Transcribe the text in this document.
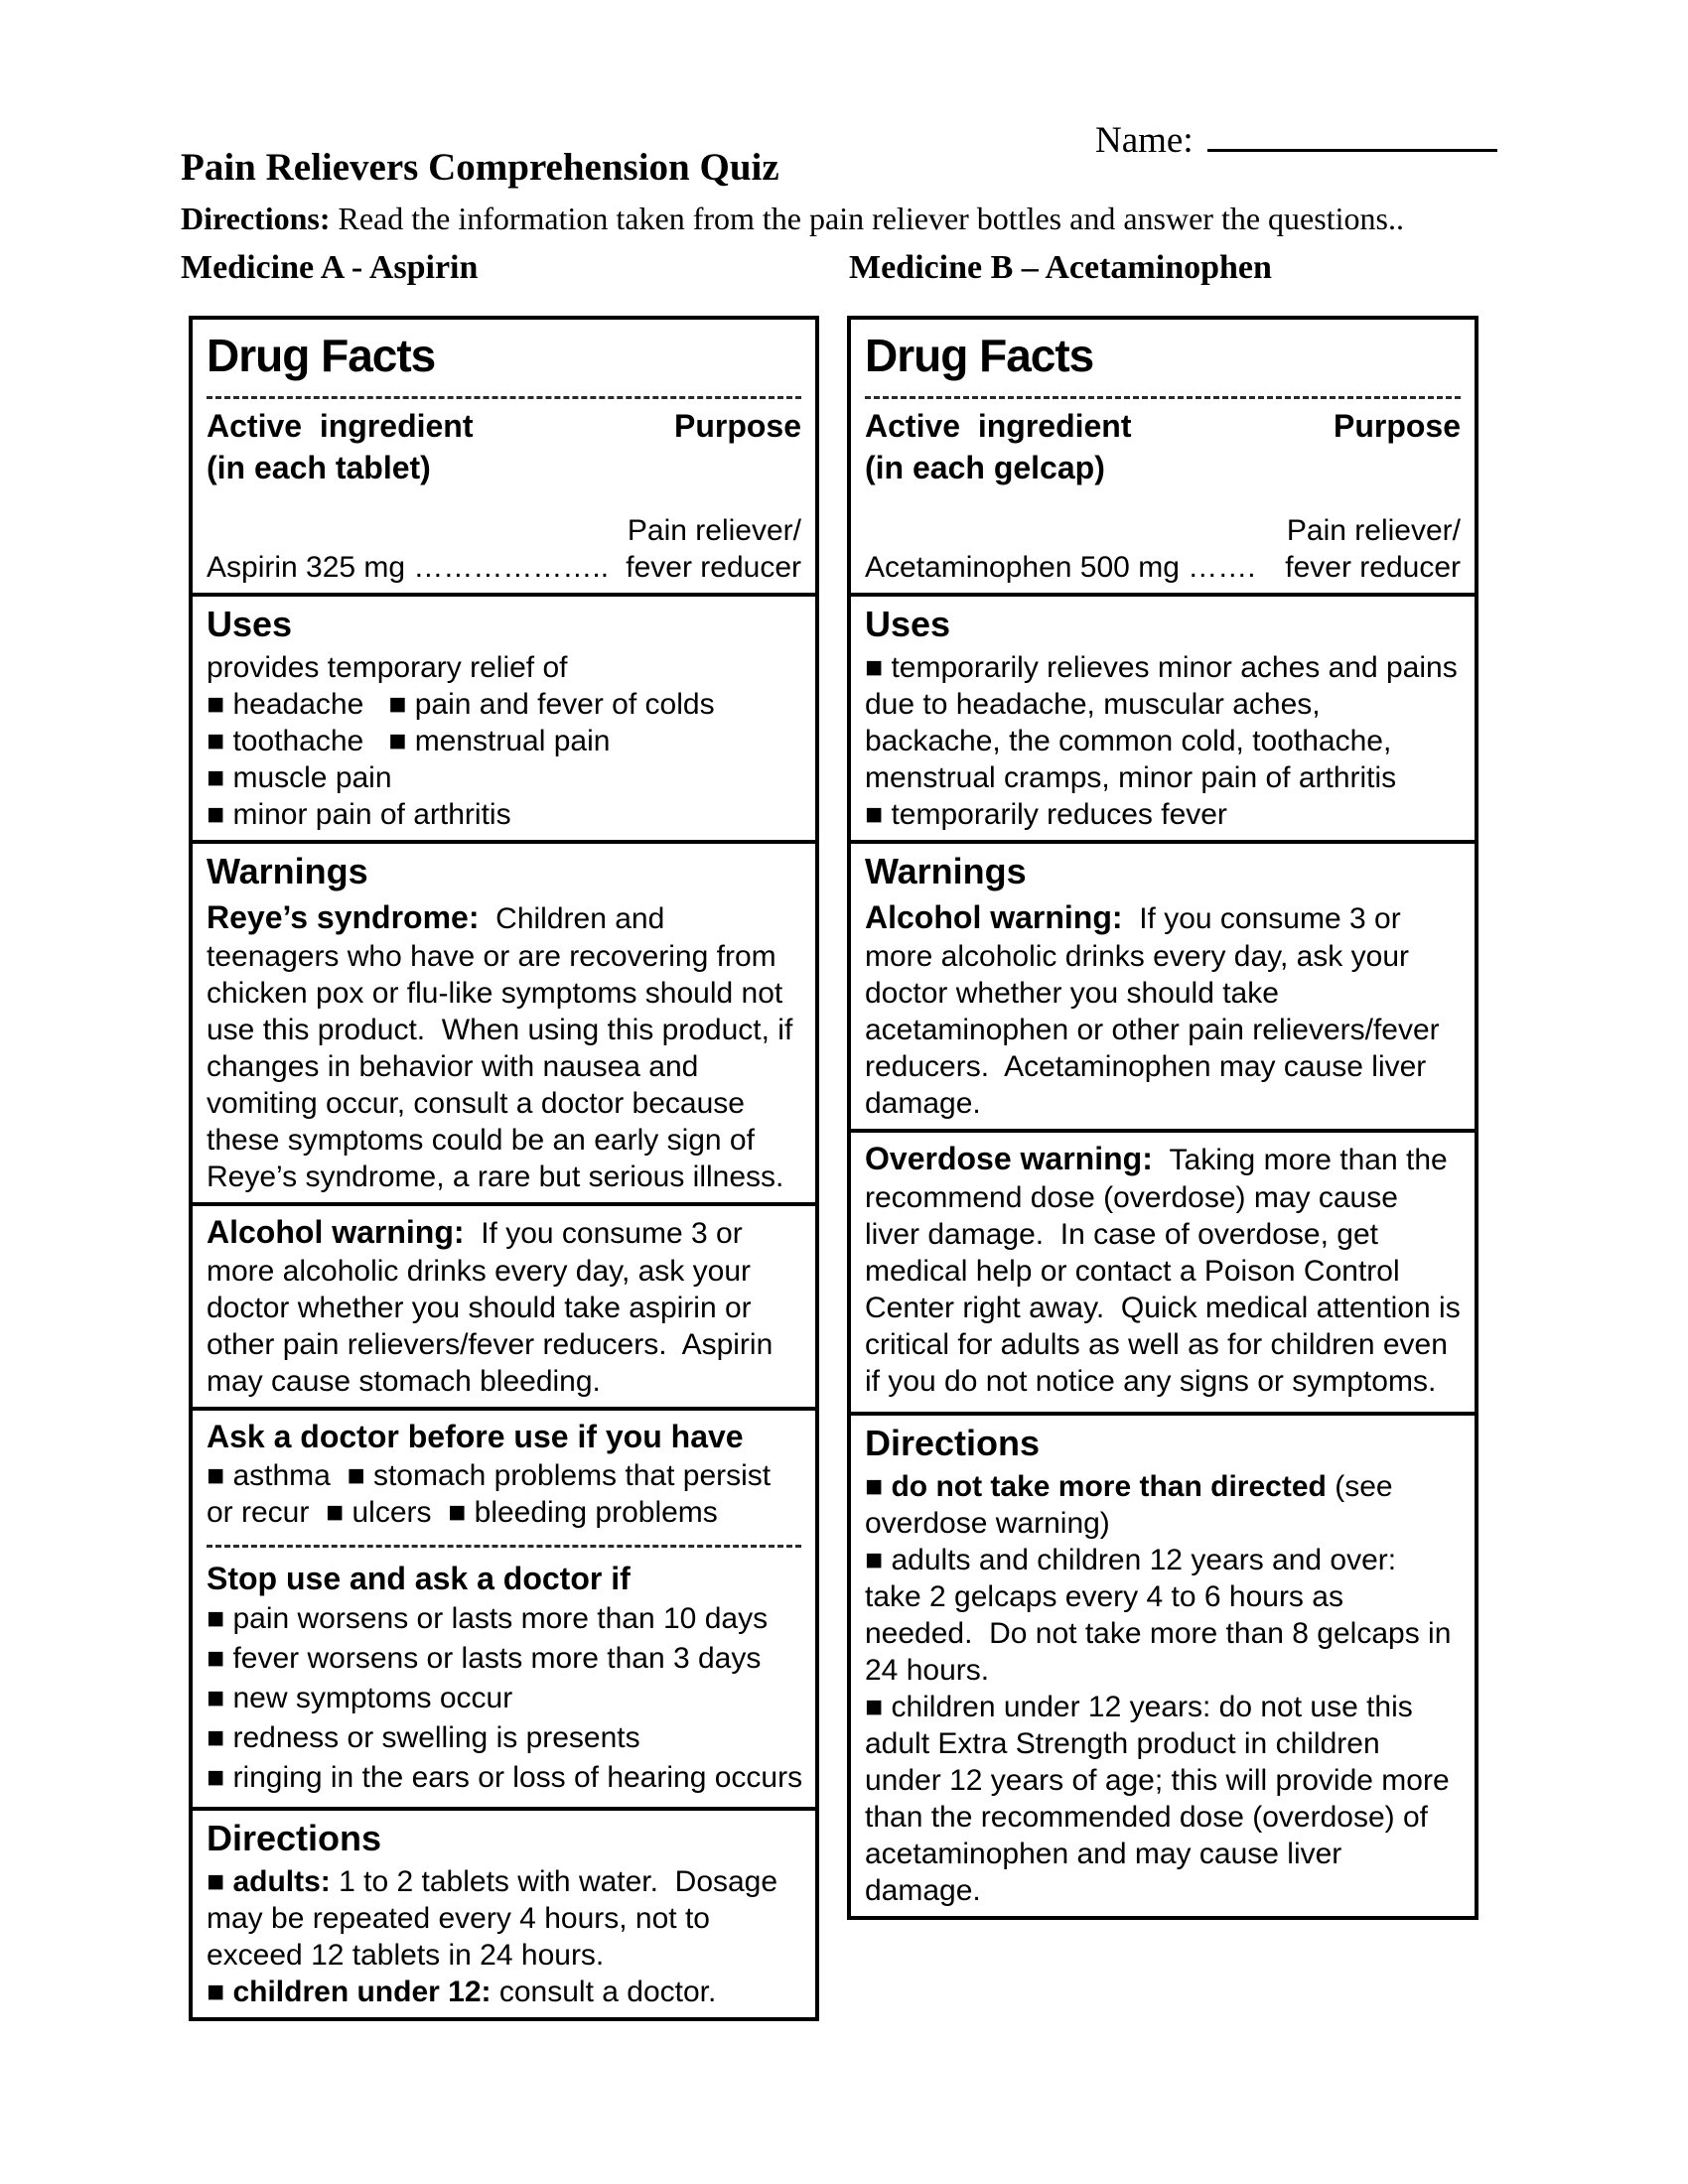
Name:
Pain Relievers Comprehension Quiz
Directions: Read the information taken from the pain reliever bottles and answer the questions..
Medicine A - Aspirin	Medicine B – Acetaminophen
Drug Facts
Active  ingredient	Purpose
(in each tablet)
Pain reliever/
Aspirin 325 mg ……………….. fever reducer
Uses
provides temporary relief of
■ headache   ■ pain and fever of colds
■ toothache   ■ menstrual pain
■ muscle pain
■ minor pain of arthritis
Warnings

Reye’s syndrome:  Children and teenagers who have or are recovering from chicken pox or flu-like symptoms should not use this product.  When using this product, if changes in behavior with nausea and vomiting occur, consult a doctor because these symptoms could be an early sign of Reye’s syndrome, a rare but serious illness.

Alcohol warning:  If you consume 3 or more alcoholic drinks every day, ask your doctor whether you should take aspirin or other pain relievers/fever reducers.  Aspirin may cause stomach bleeding.

Ask a doctor before use if you have
■ asthma  ■ stomach problems that persist or recur  ■ ulcers  ■ bleeding problems
Stop use and ask a doctor if
■ pain worsens or lasts more than 10 days
■ fever worsens or lasts more than 3 days
■ new symptoms occur
■ redness or swelling is presents
■ ringing in the ears or loss of hearing occurs
Directions

■ adults: 1 to 2 tablets with water.  Dosage may be repeated every 4 hours, not to exceed 12 tablets in 24 hours.

■ children under 12: consult a doctor.

Drug Facts
Active  ingredient	Purpose
(in each gelcap)
Pain reliever/
Acetaminophen 500 mg ……. fever reducer
Uses
■ temporarily relieves minor aches and pains due to headache, muscular aches, backache, the common cold, toothache, menstrual cramps, minor pain of arthritis
■ temporarily reduces fever
Warnings

Alcohol warning:  If you consume 3 or more alcoholic drinks every day, ask your doctor whether you should take acetaminophen or other pain relievers/fever reducers.  Acetaminophen may cause liver damage.

Overdose warning:  Taking more than the recommend dose (overdose) may cause liver damage.  In case of overdose, get medical help or contact a Poison Control Center right away.  Quick medical attention is critical for adults as well as for children even if you do not notice any signs or symptoms.

Directions

■ do not take more than directed (see overdose warning)

■ adults and children 12 years and over: take 2 gelcaps every 4 to 6 hours as needed.  Do not take more than 8 gelcaps in 24 hours.

■ children under 12 years: do not use this adult Extra Strength product in children under 12 years of age; this will provide more than the recommended dose (overdose) of acetaminophen and may cause liver damage.
